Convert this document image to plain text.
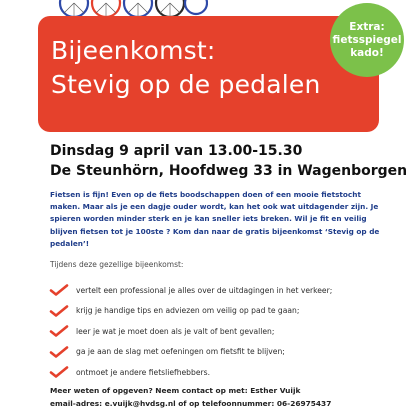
Bijeenkomst:
Stevig op de pedalen
Extra:
fietsspiegel
kado!
Dinsdag 9 april van 13.00-15.30
De Steunhörn, Hoofdweg 33 in Wagenborgen

Fietsen is fijn! Even op de fiets boodschappen doen of een mooie fietstocht maken. Maar als je een dagje ouder wordt, kan het ook wat uitdagender zijn. Je spieren worden minder sterk en je kan sneller iets breken. Wil je fit en veilig blijven fietsen tot je 100ste ? Kom dan naar de gratis bijeenkomst ‘Stevig op de pedalen’!

Tijdens deze gezellige bijeenkomst:

vertelt een professional je alles over de uitdagingen in het verkeer;
krijg je handige tips en adviezen om veilig op pad te gaan;
leer je wat je moet doen als je valt of bent gevallen;
ga je aan de slag met oefeningen om fietsfit te blijven;
ontmoet je andere fietsliefhebbers.
Meer weten of opgeven? Neem contact op met: Esther Vuijk
email-adres: e.vuijk@hvdsg.nl of op telefoonnummer: 06-26975437
